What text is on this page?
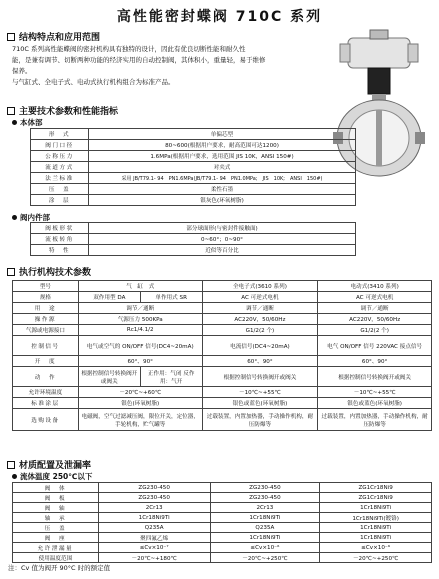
高性能密封蝶阀 710C 系列
结构特点和应用范围
710C 系列高性能蝶阀的密封机构具有独特的设计，因此有优良切断性能和耐久性
能，是兼有调节、切断两种功能的经济实用的自动控制阀，其体积小，重量轻，易于维修
保养。
与气缸式、全电子式、电动式执行机构组合为标准产品。
主要技术参数和性能指标
本体部
形　式	单偏芯型
阀门口径	80~600(根据用户要求，耐高范围可达1200)
公称压力	1.6MPa(根据用户要求，选用范围 JIS 10K，ANSI 150#)
流道方式	对夹式
法兰标准	采用 JB/T79.1- 94　PN1.6MPa(JB/T79.1- 94　PN1.0MPa;　JIS　10K;　ANSI　150#)
压　盖	柔性石墨
涂　层	银灰色(环氧树脂)
阀内件部
阀板形状	部分球面形(与密封件接触面)
流板转角	0~60°；0~90°
特　性	近似等百分比
执行机构技术参数
型号	气　缸　式		全电子式(3610 系列)	电动式(3410 系列)
规格	双作用型 DA	单作用式 SR	AC 可逆式电机	AC 可逆式电机
用　途	调节／通断		调节／通断	调节／通断
操作源	气源压力 500KPa		AC220V，50/60Hz	AC220V，50/60Hz
气源或电源接口	Rc1/4.1/2		G1/2(2 个)	G1/2(2 个)
控制信号	电气或空气的 ON/OFF 信号(DC4~20mA)		电流信号(DC4~20mA)	电气 ON/OFF 信号 220VAC 接点信号
开　度	60°、90°		60°、90°	60°、90°
动　作	根据控制信号转换阀开或阀关	正作用：气闭 反作用：气开	根据控制信号转换阀开或阀关	根据控制信号转换阀开或阀关
允许环境温度	－20℃~+60℃		－10℃~+55℃	－10℃~+55℃
标准涂层	银色(环氧树脂)		银色或蓝色(环氧树脂)	银色或蓝色(环氧树脂)
选购设备	电磁阀，空气过滤减压阀，限位开关，定位器，手轮机构，贮气罐等		过载装置，内置加热器，手动操作机构，耐压防爆等	过载装置，内置加热器，手动操作机构，耐压防爆等
材质配置及泄漏率
流体温度 250℃以下
阀　体	ZG230-450	ZG230-450	ZG1Cr18Ni9
阀　板	ZG230-450	ZG230-450	ZG1Cr18Ni9
阀　轴	2Cr13	2Cr13	1Cr18Ni9Ti
轴　承	1Cr18Ni9Ti	1Cr18Ni9Ti	1Cr18Ni9Ti(镀铬)
压　盖	Q235A	Q235A	1Cr18Ni9Ti
阀　座	聚四氟乙烯	1Cr18Ni9Ti	1Cr18Ni9Ti
允许泄漏量	≤Cv×10⁻⁷	≤Cv×10⁻⁶	≤Cv×10⁻⁶
使用温度范围	－20℃~+180℃	－20℃~+250℃	－20℃~+250℃
注：Cv 值为阀开 90°C 时的额定值
